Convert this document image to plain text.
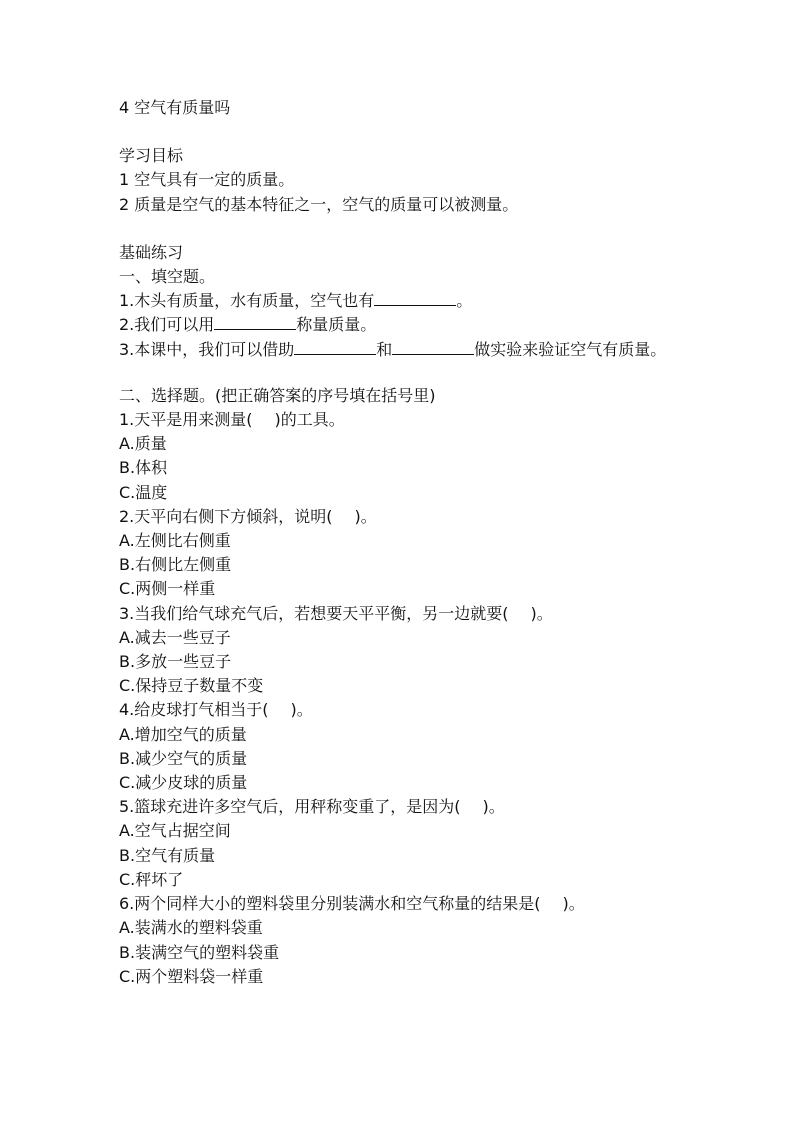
4 空气有质量吗
学习目标
1 空气具有一定的质量。
2 质量是空气的基本特征之一，空气的质量可以被测量。
基础练习
一、填空题。
1.木头有质量，水有质量，空气也有	。
2.我们可以用	称量质量。
3.本课中，我们可以借助	和	做实验来验证空气有质量。
二、选择题。(把正确答案的序号填在括号里)
1.天平是用来测量( )的工具。
A.质量
B.体积
C.温度
2.天平向右侧下方倾斜，说明( )。
A.左侧比右侧重
B.右侧比左侧重
C.两侧一样重
3.当我们给气球充气后，若想要天平平衡，另一边就要( )。
A.减去一些豆子
B.多放一些豆子
C.保持豆子数量不变
4.给皮球打气相当于( )。
A.增加空气的质量
B.减少空气的质量
C.减少皮球的质量
5.篮球充进许多空气后，用秤称变重了，是因为( )。
A.空气占据空间
B.空气有质量
C.秤坏了
6.两个同样大小的塑料袋里分别装满水和空气称量的结果是( )。
A.装满水的塑料袋重
B.装满空气的塑料袋重
C.两个塑料袋一样重
